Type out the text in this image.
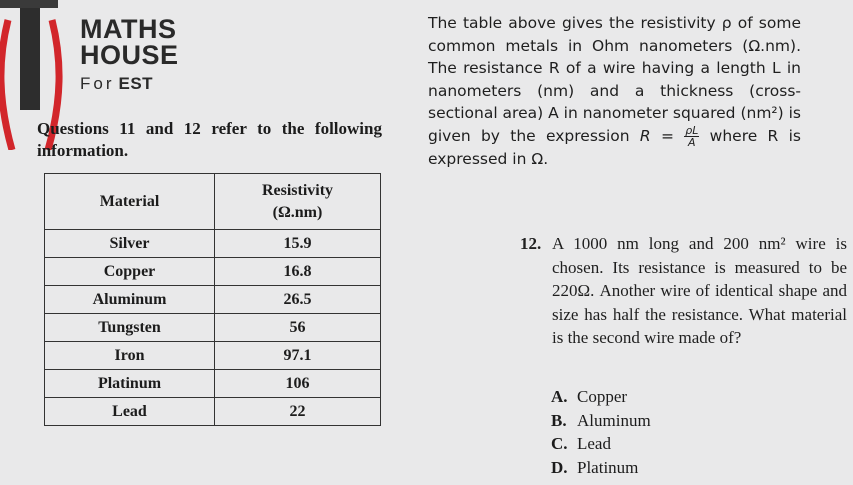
MATHS
HOUSE
For EST
Questions 11 and 12 refer to the following information.
Material	Resistivity
(Ω.nm)
Silver	15.9
Copper	16.8
Aluminum	26.5
Tungsten	56
Iron	97.1
Platinum	106
Lead	22

The table above gives the resistivity ρ of some common metals in Ohm nanometers (Ω.nm). The resistance R of a wire having a length L in nanometers (nm) and a thickness (cross-sectional area) A in nanometer squared (nm²) is given by the expression $R = \frac{\rho L}{A}$ where R is expressed in Ω.

12. A 1000 nm long and 200 nm² wire is chosen. Its resistance is measured to be 220Ω. Another wire of identical shape and size has half the resistance. What material is the second wire made of?
A. Copper
B. Aluminum
C. Lead
D. Platinum
